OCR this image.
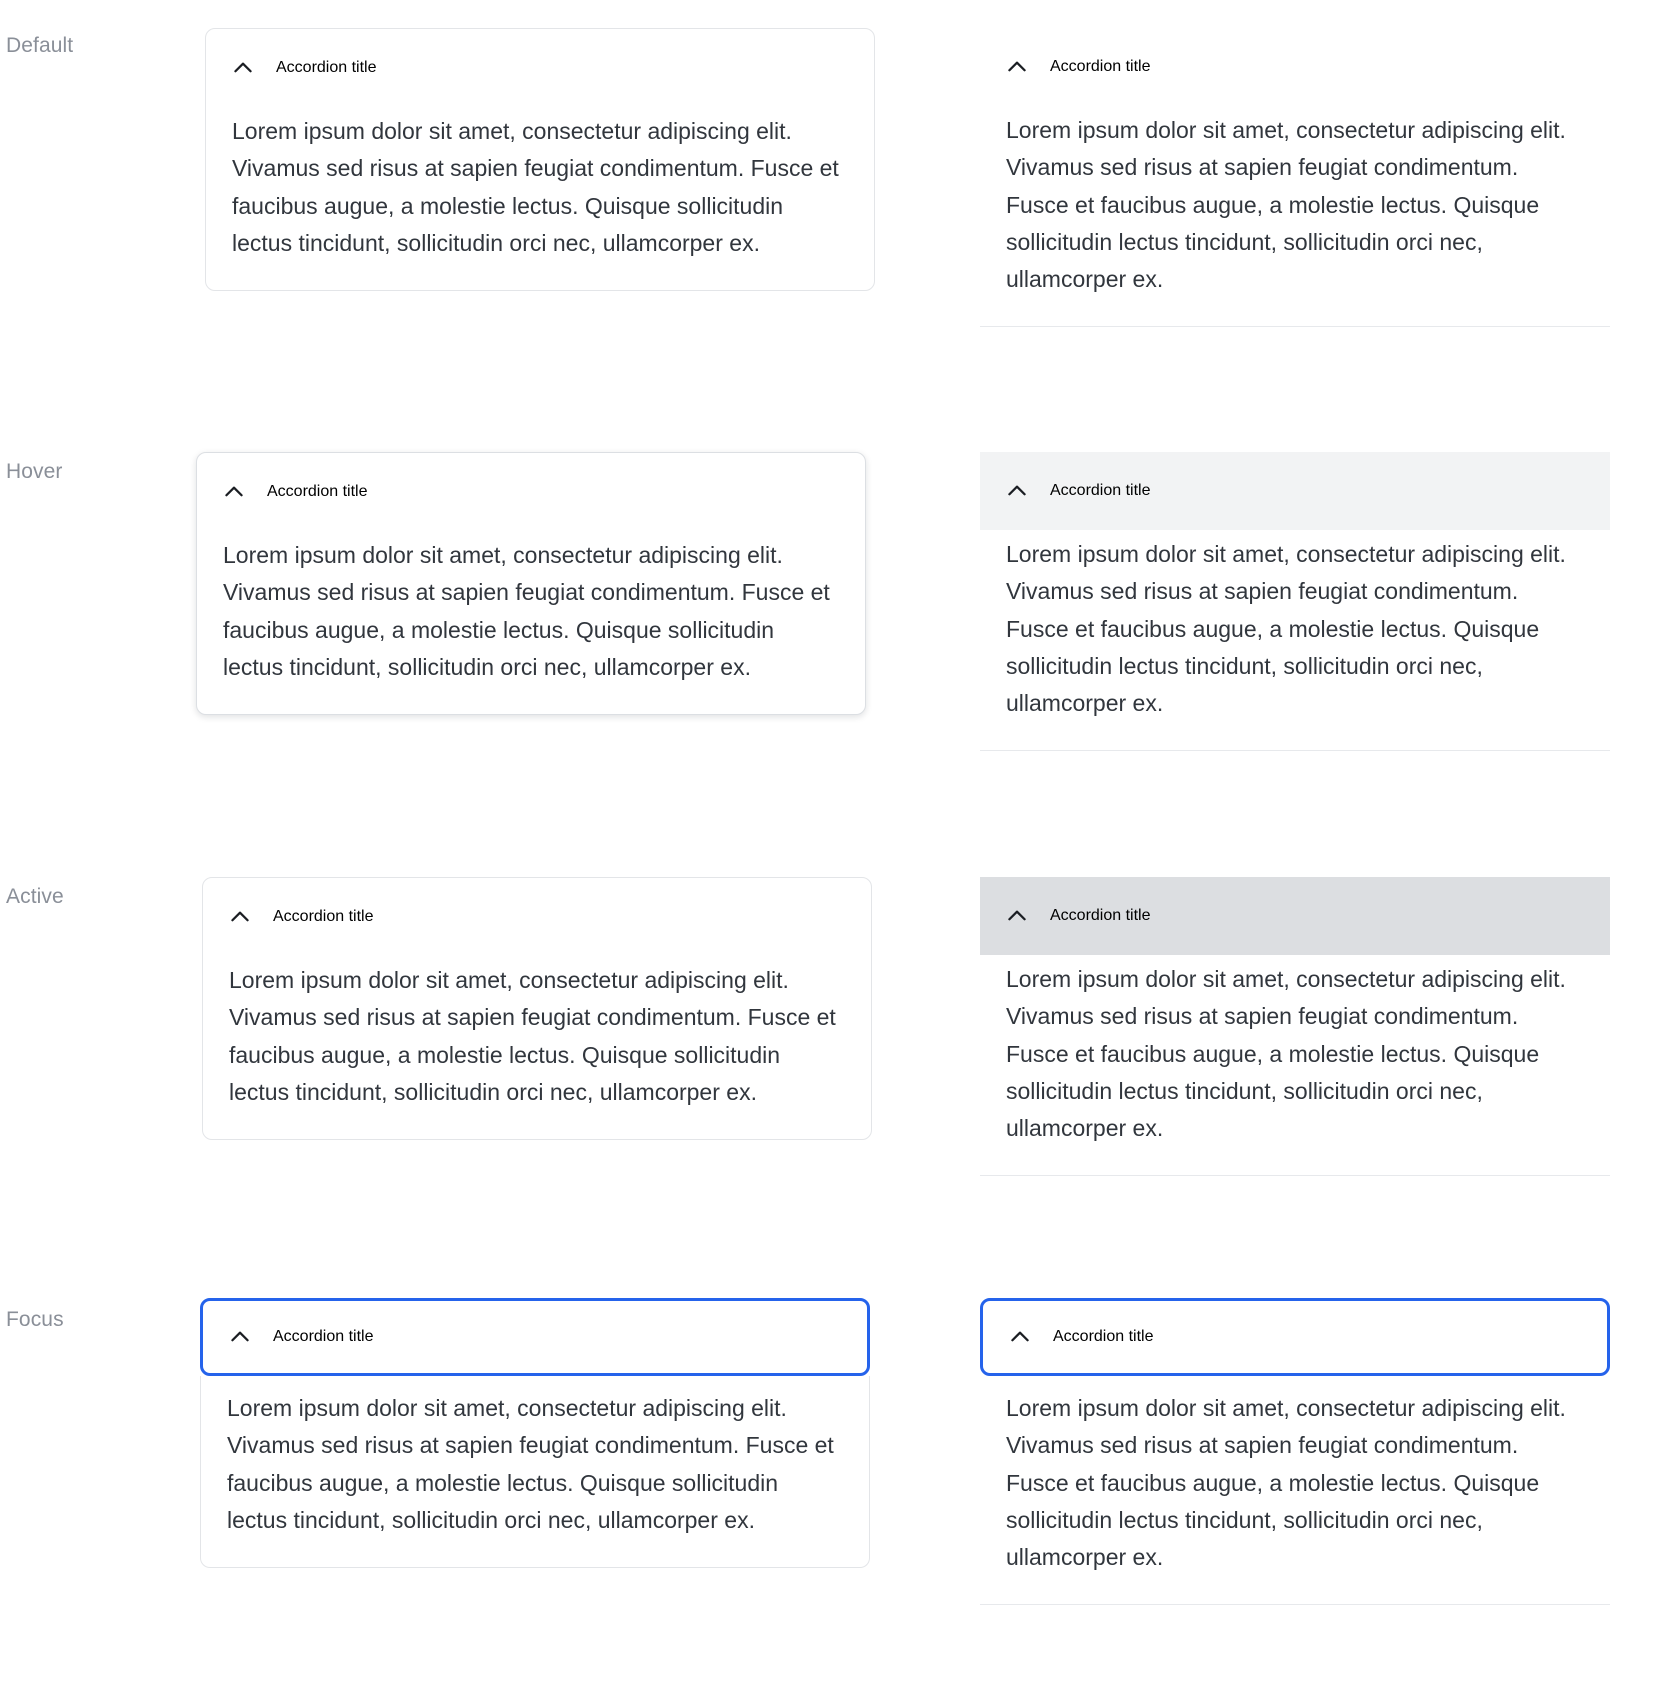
Default
Hover
Active
Focus
Accordion title
Lorem ipsum dolor sit amet, consectetur adipiscing elit. Vivamus sed risus at sapien feugiat condimentum. Fusce et faucibus augue, a molestie lectus. Quisque sollicitudin lectus tincidunt, sollicitudin orci nec, ullamcorper ex.
Accordion title
Lorem ipsum dolor sit amet, consectetur adipiscing elit. Vivamus sed risus at sapien feugiat condimentum. Fusce et faucibus augue, a molestie lectus. Quisque sollicitudin lectus tincidunt, sollicitudin orci nec, ullamcorper ex.
Accordion title
Lorem ipsum dolor sit amet, consectetur adipiscing elit. Vivamus sed risus at sapien feugiat condimentum. Fusce et faucibus augue, a molestie lectus. Quisque sollicitudin lectus tincidunt, sollicitudin orci nec, ullamcorper ex.
Accordion title
Lorem ipsum dolor sit amet, consectetur adipiscing elit. Vivamus sed risus at sapien feugiat condimentum. Fusce et faucibus augue, a molestie lectus. Quisque sollicitudin lectus tincidunt, sollicitudin orci nec, ullamcorper ex.
Accordion title
Lorem ipsum dolor sit amet, consectetur adipiscing elit. Vivamus sed risus at sapien feugiat condimentum. Fusce et faucibus augue, a molestie lectus. Quisque sollicitudin lectus tincidunt, sollicitudin orci nec, ullamcorper ex.
Accordion title
Lorem ipsum dolor sit amet, consectetur adipiscing elit. Vivamus sed risus at sapien feugiat condimentum. Fusce et faucibus augue, a molestie lectus. Quisque sollicitudin lectus tincidunt, sollicitudin orci nec, ullamcorper ex.
Accordion title
Lorem ipsum dolor sit amet, consectetur adipiscing elit. Vivamus sed risus at sapien feugiat condimentum. Fusce et faucibus augue, a molestie lectus. Quisque sollicitudin lectus tincidunt, sollicitudin orci nec, ullamcorper ex.
Accordion title
Lorem ipsum dolor sit amet, consectetur adipiscing elit. Vivamus sed risus at sapien feugiat condimentum. Fusce et faucibus augue, a molestie lectus. Quisque sollicitudin lectus tincidunt, sollicitudin orci nec, ullamcorper ex.
